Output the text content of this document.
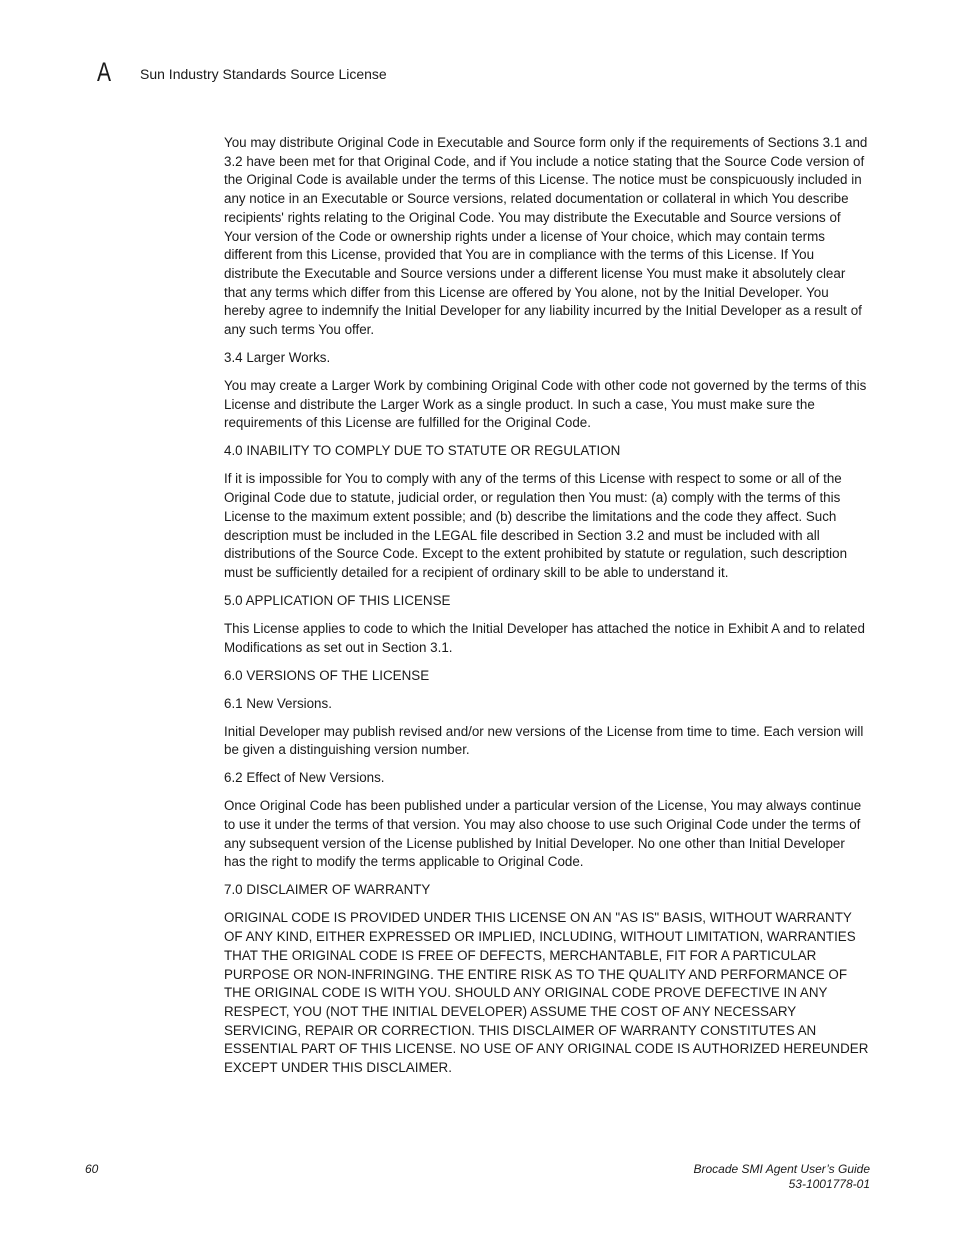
A Sun Industry Standards Source License

You may distribute Original Code in Executable and Source form only if the requirements of Sections 3.1 and 3.2 have been met for that Original Code, and if You include a notice stating that the Source Code version of the Original Code is available under the terms of this License. The notice must be conspicuously included in any notice in an Executable or Source versions, related documentation or collateral in which You describe recipients' rights relating to the Original Code. You may distribute the Executable and Source versions of Your version of the Code or ownership rights under a license of Your choice, which may contain terms different from this License, provided that You are in compliance with the terms of this License. If You distribute the Executable and Source versions under a different license You must make it absolutely clear that any terms which differ from this License are offered by You alone, not by the Initial Developer. You hereby agree to indemnify the Initial Developer for any liability incurred by the Initial Developer as a result of any such terms You offer.

3.4 Larger Works.

You may create a Larger Work by combining Original Code with other code not governed by the terms of this License and distribute the Larger Work as a single product. In such a case, You must make sure the requirements of this License are fulfilled for the Original Code.

4.0 INABILITY TO COMPLY DUE TO STATUTE OR REGULATION

If it is impossible for You to comply with any of the terms of this License with respect to some or all of the Original Code due to statute, judicial order, or regulation then You must: (a) comply with the terms of this License to the maximum extent possible; and (b) describe the limitations and the code they affect. Such description must be included in the LEGAL file described in Section 3.2 and must be included with all distributions of the Source Code. Except to the extent prohibited by statute or regulation, such description must be sufficiently detailed for a recipient of ordinary skill to be able to understand it.

5.0 APPLICATION OF THIS LICENSE

This License applies to code to which the Initial Developer has attached the notice in Exhibit A and to related Modifications as set out in Section 3.1.

6.0 VERSIONS OF THE LICENSE

6.1 New Versions.

Initial Developer may publish revised and/or new versions of the License from time to time. Each version will be given a distinguishing version number.

6.2 Effect of New Versions.

Once Original Code has been published under a particular version of the License, You may always continue to use it under the terms of that version. You may also choose to use such Original Code under the terms of any subsequent version of the License published by Initial Developer. No one other than Initial Developer has the right to modify the terms applicable to Original Code.

7.0 DISCLAIMER OF WARRANTY

ORIGINAL CODE IS PROVIDED UNDER THIS LICENSE ON AN "AS IS" BASIS, WITHOUT WARRANTY OF ANY KIND, EITHER EXPRESSED OR IMPLIED, INCLUDING, WITHOUT LIMITATION, WARRANTIES THAT THE ORIGINAL CODE IS FREE OF DEFECTS, MERCHANTABLE, FIT FOR A PARTICULAR PURPOSE OR NON-INFRINGING. THE ENTIRE RISK AS TO THE QUALITY AND PERFORMANCE OF THE ORIGINAL CODE IS WITH YOU. SHOULD ANY ORIGINAL CODE PROVE DEFECTIVE IN ANY RESPECT, YOU (NOT THE INITIAL DEVELOPER) ASSUME THE COST OF ANY NECESSARY SERVICING, REPAIR OR CORRECTION. THIS DISCLAIMER OF WARRANTY CONSTITUTES AN ESSENTIAL PART OF THIS LICENSE. NO USE OF ANY ORIGINAL CODE IS AUTHORIZED HEREUNDER EXCEPT UNDER THIS DISCLAIMER.

60	Brocade SMI Agent User’s Guide
53-1001778-01
